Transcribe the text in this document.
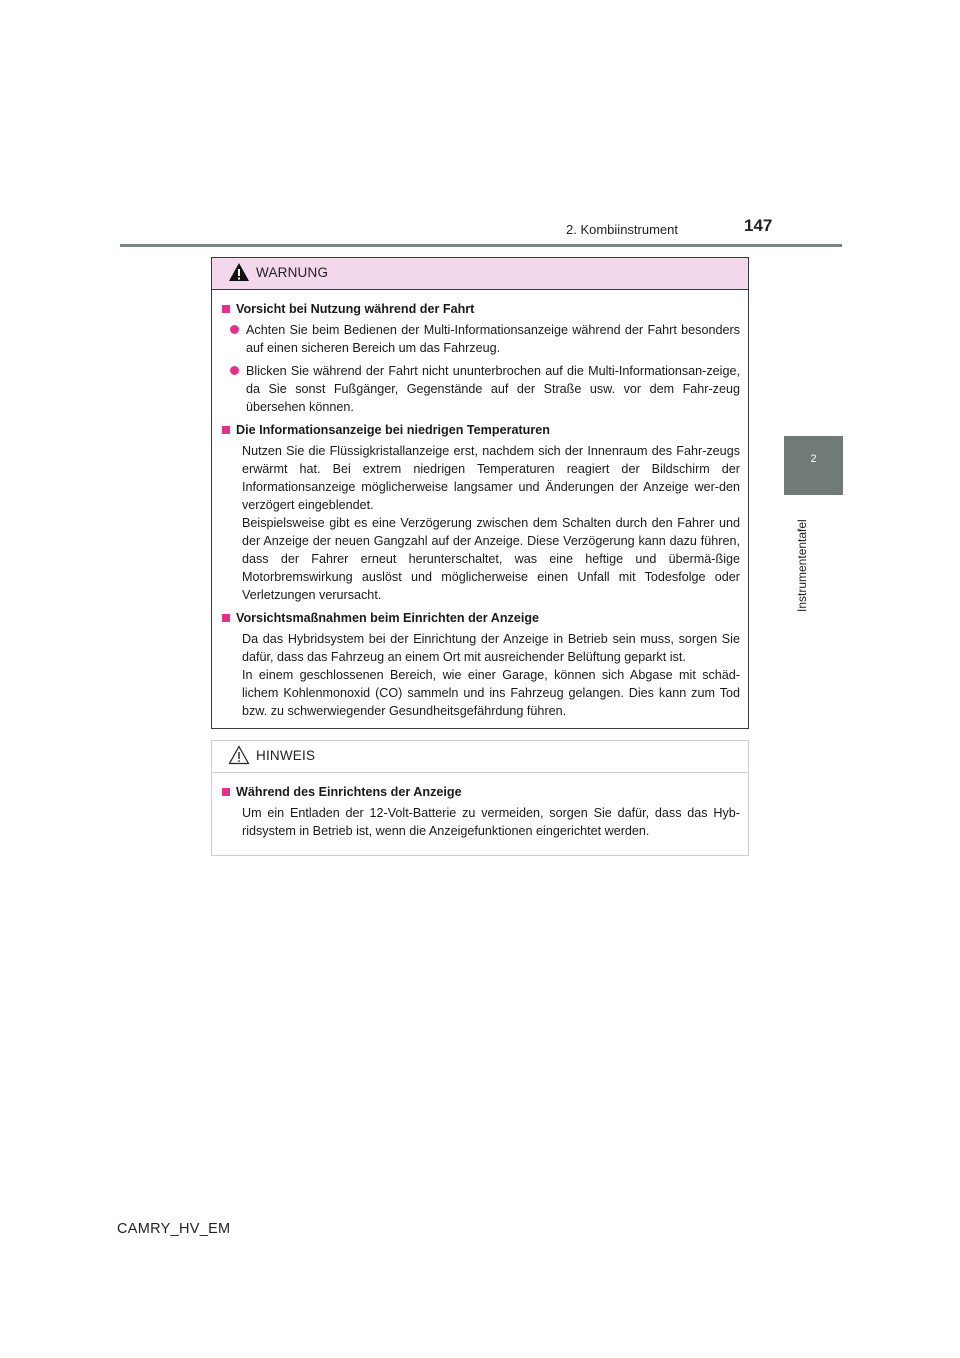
2. Kombiinstrument	147
2
Instrumententafel
WARNUNG
Vorsicht bei Nutzung während der Fahrt
Achten Sie beim Bedienen der Multi-Informationsanzeige während der Fahrt besonders auf einen sicheren Bereich um das Fahrzeug.
Blicken Sie während der Fahrt nicht ununterbrochen auf die Multi-Informationsan-zeige, da Sie sonst Fußgänger, Gegenstände auf der Straße usw. vor dem Fahr-zeug übersehen können.
Die Informationsanzeige bei niedrigen Temperaturen
Nutzen Sie die Flüssigkristallanzeige erst, nachdem sich der Innenraum des Fahr-zeugs erwärmt hat. Bei extrem niedrigen Temperaturen reagiert der Bildschirm der Informationsanzeige möglicherweise langsamer und Änderungen der Anzeige wer-den verzögert eingeblendet.
Beispielsweise gibt es eine Verzögerung zwischen dem Schalten durch den Fahrer und der Anzeige der neuen Gangzahl auf der Anzeige. Diese Verzögerung kann dazu führen, dass der Fahrer erneut herunterschaltet, was eine heftige und übermä-ßige Motorbremswirkung auslöst und möglicherweise einen Unfall mit Todesfolge oder Verletzungen verursacht.
Vorsichtsmaßnahmen beim Einrichten der Anzeige
Da das Hybridsystem bei der Einrichtung der Anzeige in Betrieb sein muss, sorgen Sie dafür, dass das Fahrzeug an einem Ort mit ausreichender Belüftung geparkt ist.
In einem geschlossenen Bereich, wie einer Garage, können sich Abgase mit schäd-lichem Kohlenmonoxid (CO) sammeln und ins Fahrzeug gelangen. Dies kann zum Tod bzw. zu schwerwiegender Gesundheitsgefährdung führen.
HINWEIS
Während des Einrichtens der Anzeige
Um ein Entladen der 12-Volt-Batterie zu vermeiden, sorgen Sie dafür, dass das Hyb-ridsystem in Betrieb ist, wenn die Anzeigefunktionen eingerichtet werden.
CAMRY_HV_EM
